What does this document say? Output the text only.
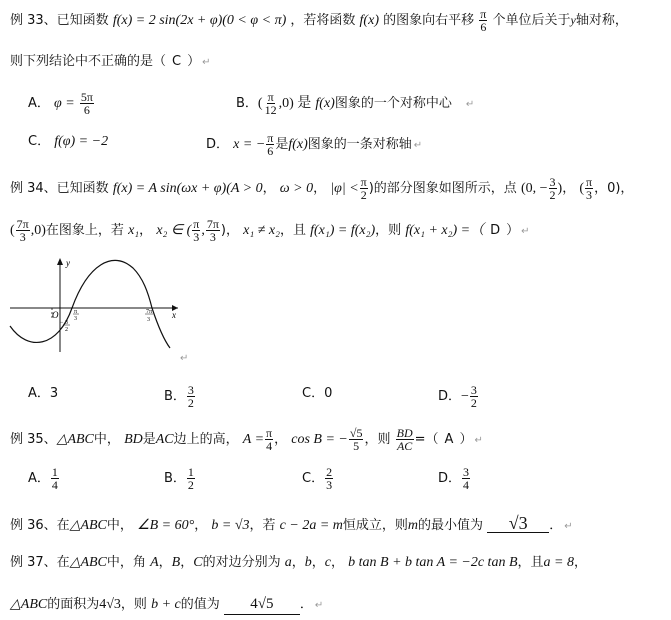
例 33、已知函数 f(x) = 2 sin(2x + φ)(0 < φ < π) ，若将函数 f(x) 的图象向右平移 $\frac{\pi}{6}$ 个单位后关于y轴对称，
则下列结论中不正确的是（ C ） ↵
A． $\varphi = \frac{5\pi}{6}$	B．( $\frac{\pi}{12} ,0$) 是 f(x)图象的一个对称中心 ↵
C． f(φ) = −2	D． x = − $\frac{\pi}{6}$ 是f(x)图象的一条对称轴 ↵
例 34、已知函数 f(x) = A sin(ωx + φ)(A > 0， ω > 0， $|\varphi| < \frac{\pi}{2}$ )的部分图象如图所示，点 (0, − $\frac{3}{2}$ )， ( $\frac{\pi}{3}$ ，0)，
( $\frac{7\pi}{3} ,0$)在图象上，若 x₁， x₂ ∈ ( $\frac{\pi}{3}$ , $\frac{7\pi}{3}$ )， x₁ ≠ x₂，且 f(x₁) = f(x₂)，则 f(x₁ + x₂) =（ D ） ↵
y
x
O	π
3
7π
3
− 3
2
↵
A．3	B． $\frac{3}{2}$	C．0	D．− $\frac{3}{2}$
例 35、△ABC中， BD是AC边上的高， $A = \frac{\pi}{4}$ ， cos B = − $\frac{√5}{5}$ ，则 $\frac{BD}{AC}$ =（ A ） ↵
A． $\frac{1}{4}$	B． $\frac{1}{2}$	C． $\frac{2}{3}$	D． $\frac{3}{4}$
例 36、在△ABC中， ∠B = 60°， b = √3，若 c − 2a = m恒成立，则m的最小值为 √3 ． ↵
例 37、在△ABC中，角 A，B，C的对边分别为 a，b，c， b tan B + b tan A = −2c tan B，且a = 8，
△ABC的面积为4√3，则 b + c的值为 4√5 ． ↵
